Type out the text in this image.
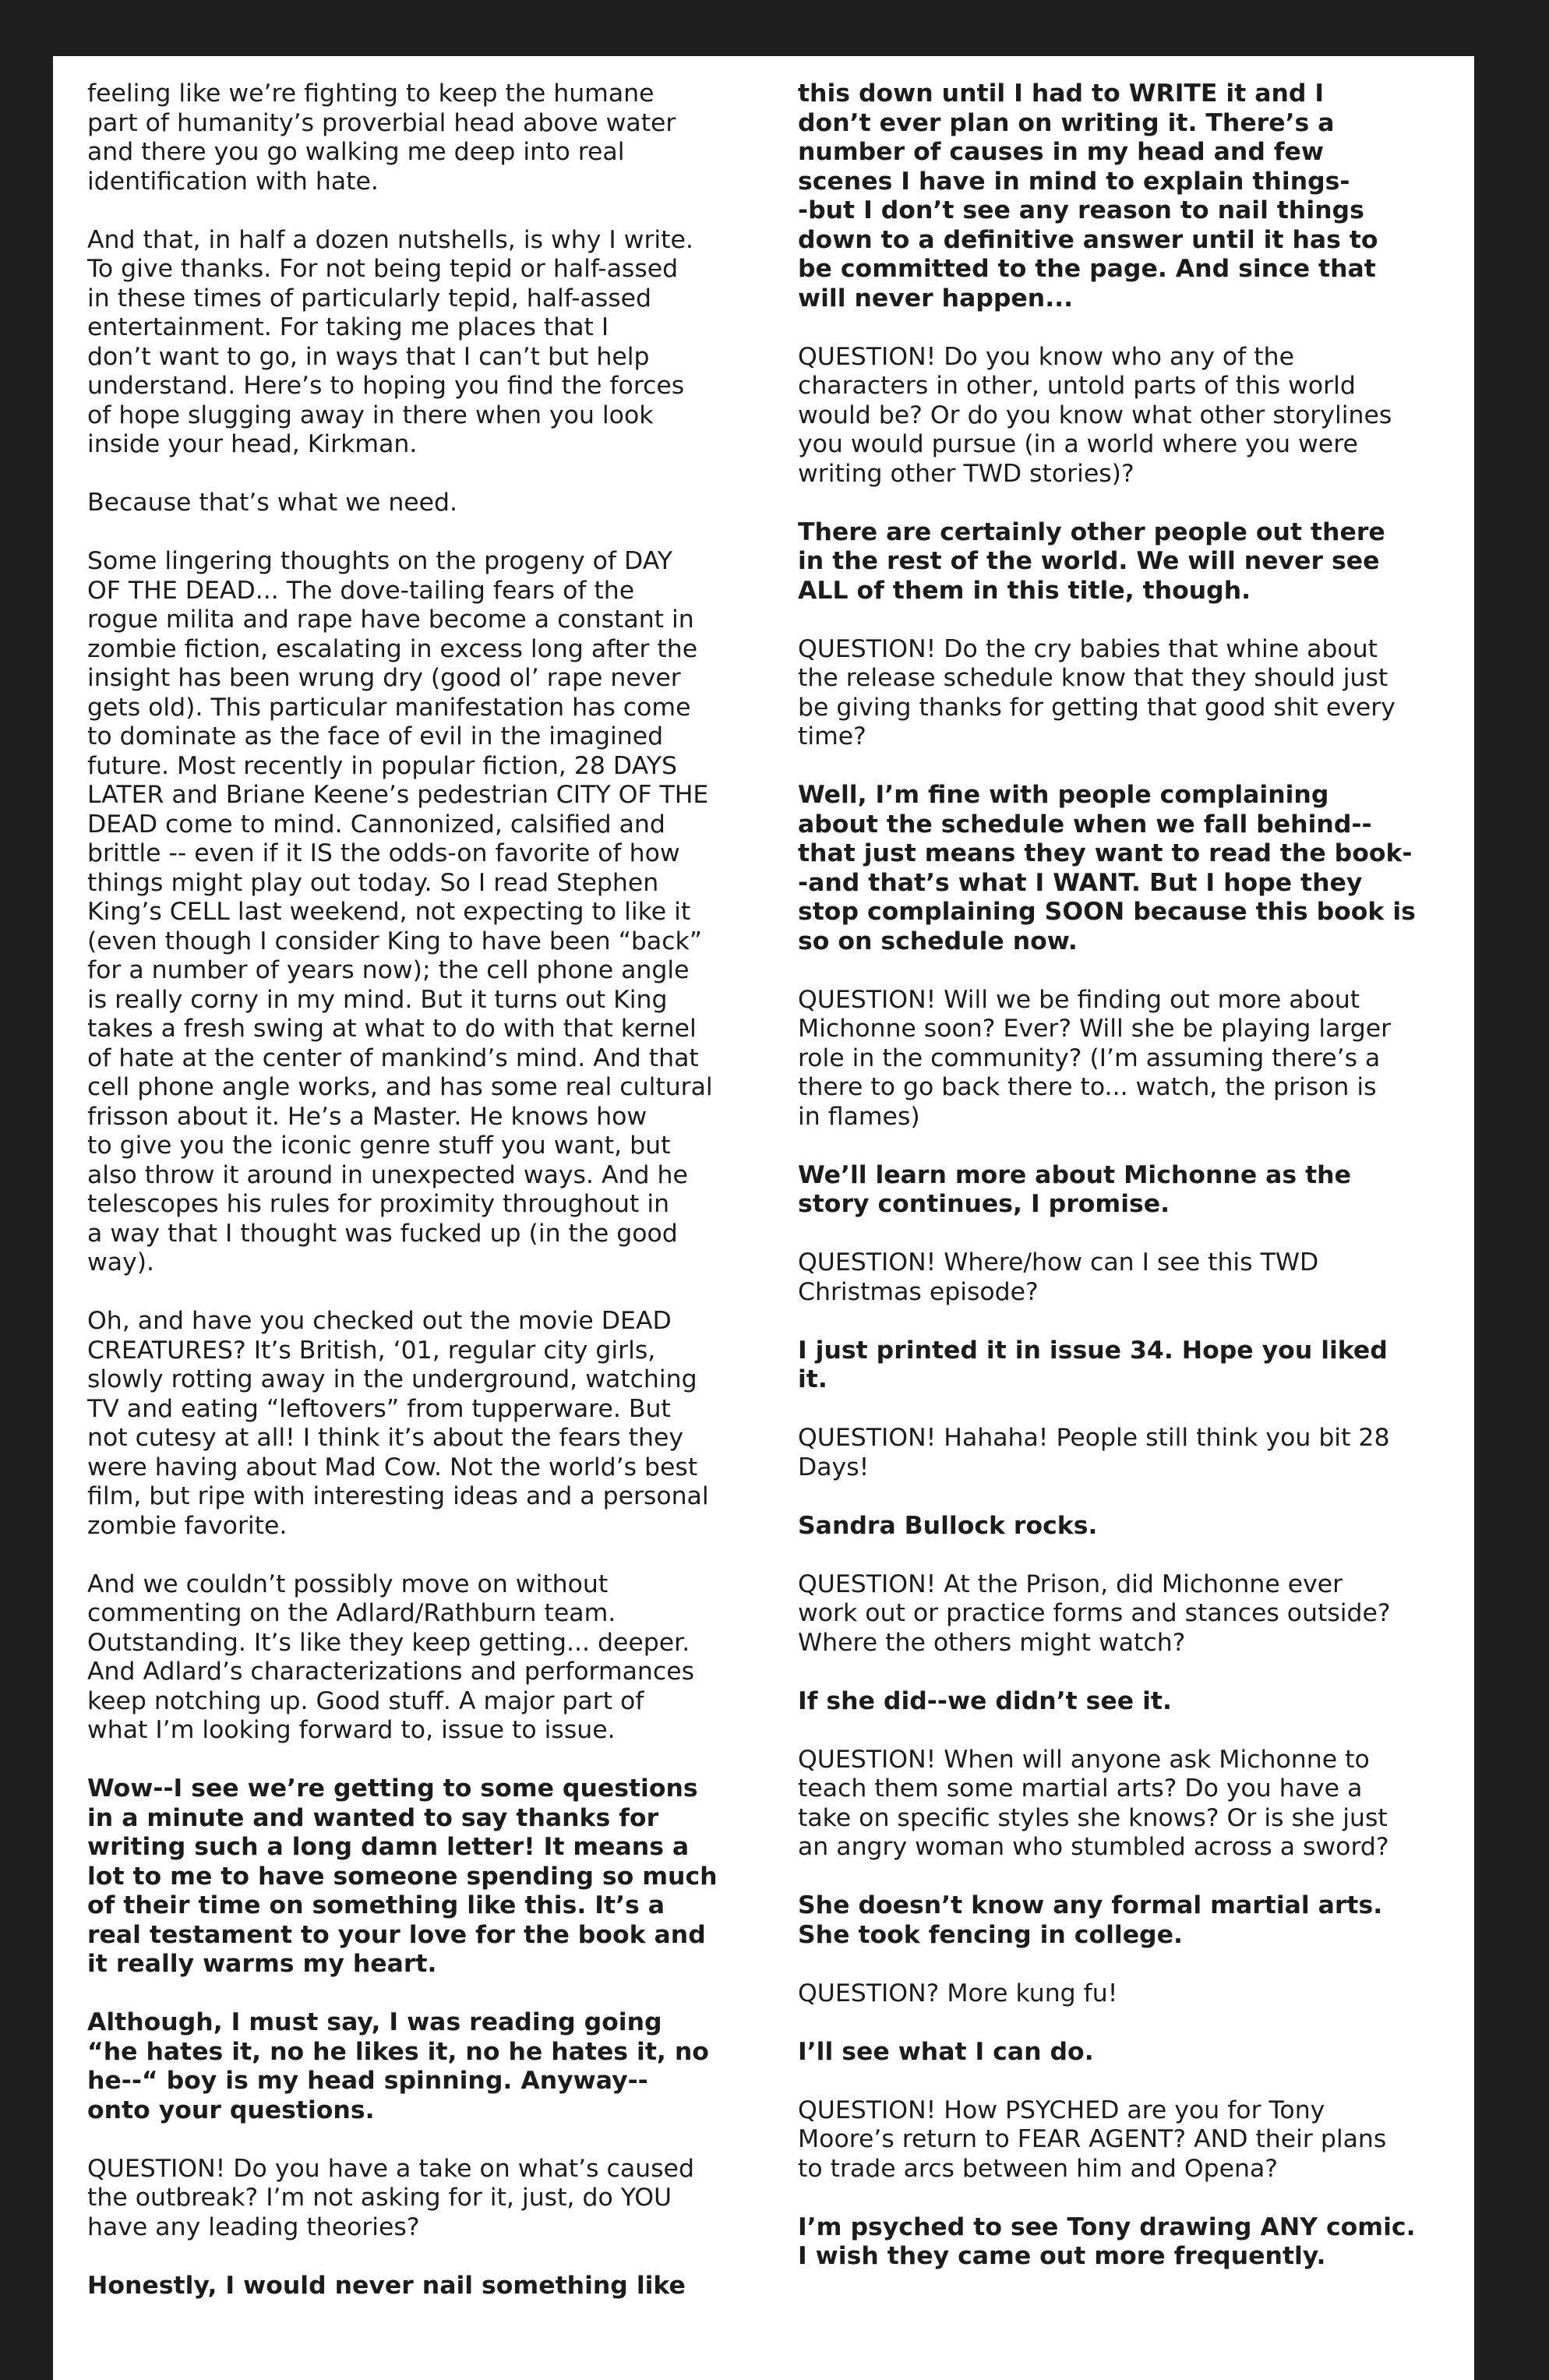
feeling like we’re fighting to keep the humane
part of humanity’s proverbial head above water
and there you go walking me deep into real
identification with hate.

And that, in half a dozen nutshells, is why I write.
To give thanks. For not being tepid or half-assed
in these times of particularly tepid, half-assed
entertainment. For taking me places that I
don’t want to go, in ways that I can’t but help
understand. Here’s to hoping you find the forces
of hope slugging away in there when you look
inside your head, Kirkman.

Because that’s what we need.

Some lingering thoughts on the progeny of DAY
OF THE DEAD... The dove-tailing fears of the
rogue milita and rape have become a constant in
zombie fiction, escalating in excess long after the
insight has been wrung dry (good ol’ rape never
gets old). This particular manifestation has come
to dominate as the face of evil in the imagined
future. Most recently in popular fiction, 28 DAYS
LATER and Briane Keene’s pedestrian CITY OF THE
DEAD come to mind. Cannonized, calsified and
brittle -- even if it IS the odds-on favorite of how
things might play out today. So I read Stephen
King’s CELL last weekend, not expecting to like it
(even though I consider King to have been “back”
for a number of years now); the cell phone angle
is really corny in my mind. But it turns out King
takes a fresh swing at what to do with that kernel
of hate at the center of mankind’s mind. And that
cell phone angle works, and has some real cultural
frisson about it. He’s a Master. He knows how
to give you the iconic genre stuff you want, but
also throw it around in unexpected ways. And he
telescopes his rules for proximity throughout in
a way that I thought was fucked up (in the good
way).

Oh, and have you checked out the movie DEAD
CREATURES? It’s British, ‘01, regular city girls,
slowly rotting away in the underground, watching
TV and eating “leftovers” from tupperware. But
not cutesy at all! I think it’s about the fears they
were having about Mad Cow. Not the world’s best
film, but ripe with interesting ideas and a personal
zombie favorite.

And we couldn’t possibly move on without
commenting on the Adlard/Rathburn team.
Outstanding. It’s like they keep getting... deeper.
And Adlard’s characterizations and performances
keep notching up. Good stuff. A major part of
what I’m looking forward to, issue to issue.

Wow--I see we’re getting to some questions
in a minute and wanted to say thanks for
writing such a long damn letter! It means a
lot to me to have someone spending so much
of their time on something like this. It’s a
real testament to your love for the book and
it really warms my heart.

Although, I must say, I was reading going
“he hates it, no he likes it, no he hates it, no
he--“ boy is my head spinning. Anyway--
onto your questions.

QUESTION! Do you have a take on what’s caused
the outbreak? I’m not asking for it, just, do YOU
have any leading theories?

Honestly, I would never nail something like

this down until I had to WRITE it and I
don’t ever plan on writing it. There’s a
number of causes in my head and few
scenes I have in mind to explain things-
-but I don’t see any reason to nail things
down to a definitive answer until it has to
be committed to the page. And since that
will never happen...

QUESTION! Do you know who any of the
characters in other, untold parts of this world
would be? Or do you know what other storylines
you would pursue (in a world where you were
writing other TWD stories)?

There are certainly other people out there
in the rest of the world. We will never see
ALL of them in this title, though.

QUESTION! Do the cry babies that whine about
the release schedule know that they should just
be giving thanks for getting that good shit every
time?

Well, I’m fine with people complaining
about the schedule when we fall behind--
that just means they want to read the book-
-and that’s what I WANT. But I hope they
stop complaining SOON because this book is
so on schedule now.

QUESTION! Will we be finding out more about
Michonne soon? Ever? Will she be playing larger
role in the community? (I’m assuming there’s a
there to go back there to... watch, the prison is
in flames)

We’ll learn more about Michonne as the
story continues, I promise.

QUESTION! Where/how can I see this TWD
Christmas episode?

I just printed it in issue 34. Hope you liked
it.

QUESTION! Hahaha! People still think you bit 28
Days!

Sandra Bullock rocks.

QUESTION! At the Prison, did Michonne ever
work out or practice forms and stances outside?
Where the others might watch?

If she did--we didn’t see it.

QUESTION! When will anyone ask Michonne to
teach them some martial arts? Do you have a
take on specific styles she knows? Or is she just
an angry woman who stumbled across a sword?

She doesn’t know any formal martial arts.
She took fencing in college.

QUESTION? More kung fu!

I’ll see what I can do.

QUESTION! How PSYCHED are you for Tony
Moore’s return to FEAR AGENT? AND their plans
to trade arcs between him and Opena?

I’m psyched to see Tony drawing ANY comic.
I wish they came out more frequently.
